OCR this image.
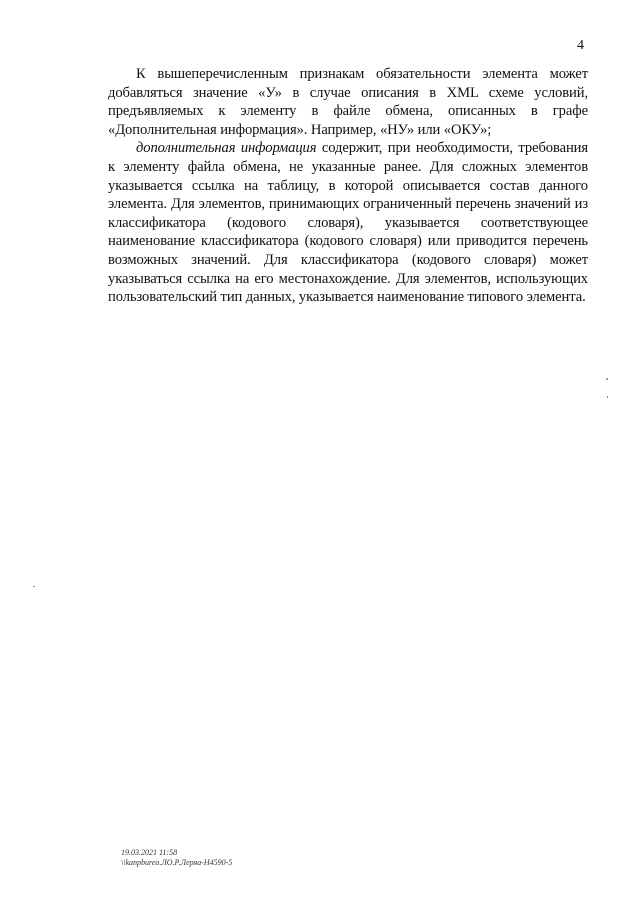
4

К вышеперечисленным признакам обязательности элемента может добавляться значение «У» в случае описания в XML схеме условий, предъявляемых к элементу в файле обмена, описанных в графе «Дополнительная информация». Например, «НУ» или «ОКУ»;

дополнительная информация содержит, при необходимости, требования к элементу файла обмена, не указанные ранее. Для сложных элементов указывается ссылка на таблицу, в которой описывается состав данного элемента. Для элементов, принимающих ограниченный перечень значений из классификатора (кодового словаря), указывается соответствующее наименование классификатора (кодового словаря) или приводится перечень возможных значений. Для классификатора (кодового словаря) может указываться ссылка на его местонахождение. Для элементов, использующих пользовательский тип данных, указывается наименование типового элемента.

19.03.2021 11:58
\\kanpbureo.ЛО.Р.Леряа-Н4590-5
